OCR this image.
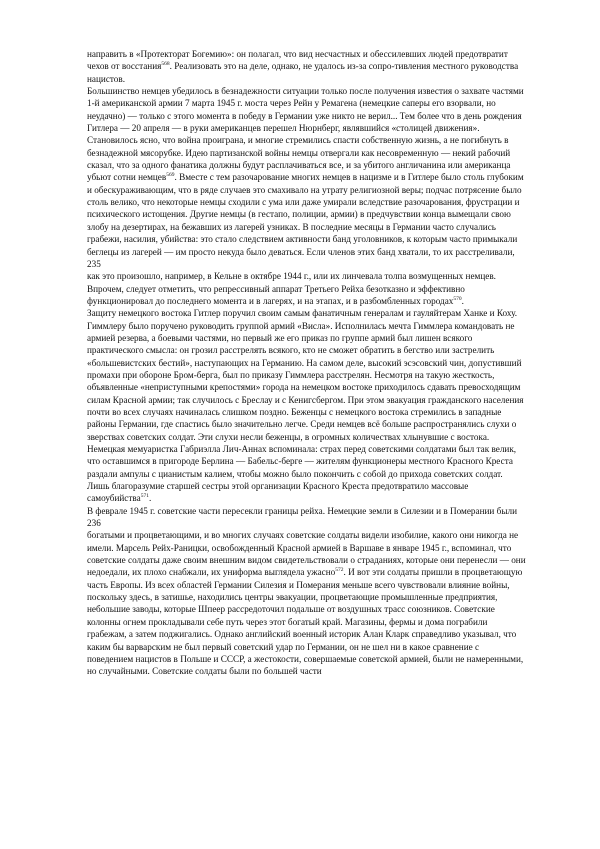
направить в «Протекторат Богемию»: он полагал, что вид несчастных и обессилевших людей предотвратит чехов от восстания$^{568}$. Реализовать это на деле, однако, не удалось из-за сопро-тивления местного руководства нацистов.

Большинство немцев убедилось в безнадежности ситуации только после получения известия о захвате частями 1-й американской армии 7 марта 1945 г. моста через Рейн у Ремагена (немецкие саперы его взорвали, но неудачно) — только с этого момента в победу в Германии уже никто не верил... Тем более что в день рождения Гитлера — 20 апреля — в руки американцев перешел Нюрнберг, являвшийся «столицей движения». Становилось ясно, что война проиграна, и многие стремились спасти собственную жизнь, а не погибнуть в безнадежной мясорубке. Идею партизанской войны немцы отвергали как несовременную — некий рабочий сказал, что за одного фанатика должны будут расплачиваться все, и за убитого англичанина или американца убьют сотни немцев$^{569}$. Вместе с тем разочарование многих немцев в нацизме и в Гитлере было столь глубоким и обескураживающим, что в ряде случаев это смахивало на утрату религиозной веры; подчас потрясение было столь велико, что некоторые немцы сходили с ума или даже умирали вследствие разочарования, фрустрации и психического истощения. Другие немцы (в гестапо, полиции, армии) в предчувствии конца вымещали свою злобу на дезертирах, на бежавших из лагерей узниках. В последние месяцы в Германии часто случались грабежи, насилия, убийства: это стало следствием активности банд уголовников, к которым часто примыкали беглецы из лагерей — им просто некуда было деваться. Если членов этих банд хватали, то их расстреливали,

235

как это произошло, например, в Кельне в октябре 1944 г., или их линчевала толпа возмущенных немцев. Впрочем, следует отметить, что репрессивный аппарат Третьего Рейха безотказно и эффективно функционировал до последнего момента и в лагерях, и на этапах, и в разбомбленных городах$^{570}$.

Защиту немецкого востока Гитлер поручил своим самым фанатичным генералам и гауляйтерам Ханке и Коху. Гиммлеру было поручено руководить группой армий «Висла». Исполнилась мечта Гиммлера командовать не армией резерва, а боевыми частями, но первый же его приказ по группе армий был лишен всякого практического смысла: он грозил расстрелять всякого, кто не сможет обратить в бегство или застрелить «большевистских бестий», наступающих на Германию. На самом деле, высокий эсэсовский чин, допустивший промахи при обороне Бром-берга, был по приказу Гиммлера расстрелян. Несмотря на такую жесткость, объявленные «неприступными крепостями» города на немецком востоке приходилось сдавать превосходящим силам Красной армии; так случилось с Бреслау и с Кенигсбергом. При этом эвакуация гражданского населения почти во всех случаях начиналась слишком поздно. Беженцы с немецкого востока стремились в западные районы Германии, где спастись было значительно легче. Среди немцев всё больше распространялись слухи о зверствах советских солдат. Эти слухи несли беженцы, в огромных количествах хлынувшие с востока. Немецкая мемуаристка Габриэлла Лич-Аннах вспоминала: страх перед советскими солдатами был так велик, что оставшимся в пригороде Берлина — Бабельс-берге — жителям функционеры местного Красного Креста раздали ампулы с цианистым калием, чтобы можно было покончить с собой до прихода советских солдат. Лишь благоразумие старшей сестры этой организации Красного Креста предотвратило массовые самоубийства$^{571}$.

В феврале 1945 г. советские части пересекли границы рейха. Немецкие земли в Силезии и в Померании были

236

богатыми и процветающими, и во многих случаях советские солдаты видели изобилие, какого они никогда не имели. Марсель Рейх-Раницки, освобожденный Красной армией в Варшаве в январе 1945 г., вспоминал, что советские солдаты даже своим внешним видом свидетельствовали о страданиях, которые они перенесли — они недоедали, их плохо снабжали, их униформа выглядела ужасно$^{572}$. И вот эти солдаты пришли в процветающую часть Европы. Из всех областей Германии Силезия и Померания меньше всего чувствовали влияние войны, поскольку здесь, в затишье, находились центры эвакуации, процветающие промышленные предприятия, небольшие заводы, которые Шпеер рассредоточил подальше от воздушных трасс союзников. Советские колонны огнем прокладывали себе путь через этот богатый край. Магазины, фермы и дома пограбили грабежам, а затем поджигались. Однако английский военный историк Алан Кларк справедливо указывал, что каким бы варварским не был первый советский удар по Германии, он не шел ни в какое сравнение с поведением нацистов в Польше и СССР, а жестокости, совершаемые советской армией, были не намеренными, но случайными. Советские солдаты были по большей части
